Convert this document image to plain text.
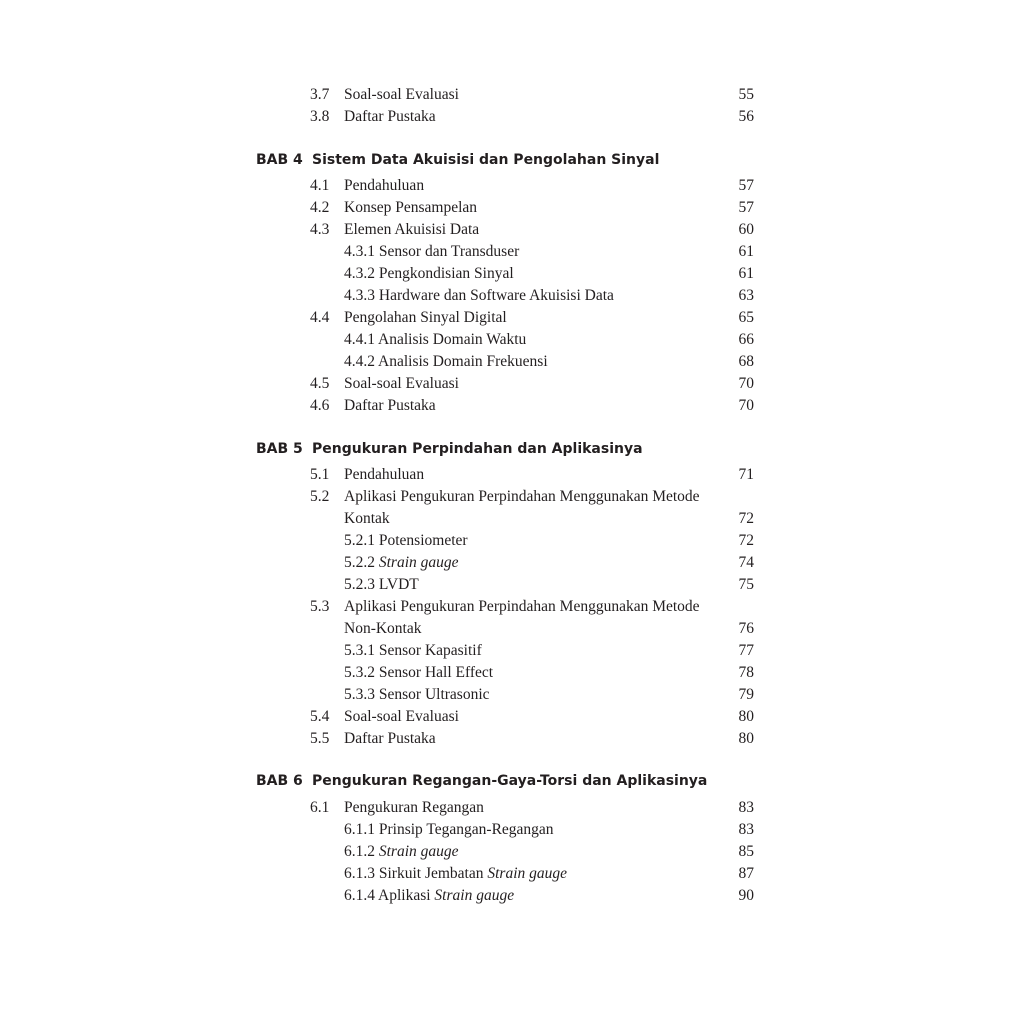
3.7 Soal-soal Evaluasi	55
3.8 Daftar Pustaka	56
BAB 4 Sistem Data Akuisisi dan Pengolahan Sinyal
4.1 Pendahuluan	57
4.2 Konsep Pensampelan	57
4.3 Elemen Akuisisi Data	60
4.3.1 Sensor dan Transduser	61
4.3.2 Pengkondisian Sinyal	61
4.3.3 Hardware dan Software Akuisisi Data	63
4.4 Pengolahan Sinyal Digital	65
4.4.1 Analisis Domain Waktu	66
4.4.2 Analisis Domain Frekuensi	68
4.5 Soal-soal Evaluasi	70
4.6 Daftar Pustaka	70
BAB 5 Pengukuran Perpindahan dan Aplikasinya
5.1 Pendahuluan	71
5.2 Aplikasi Pengukuran Perpindahan Menggunakan Metode
Kontak	72
5.2.1 Potensiometer	72
5.2.2 Strain gauge	74
5.2.3 LVDT	75
5.3 Aplikasi Pengukuran Perpindahan Menggunakan Metode
Non-Kontak	76
5.3.1 Sensor Kapasitif	77
5.3.2 Sensor Hall Effect	78
5.3.3 Sensor Ultrasonic	79
5.4 Soal-soal Evaluasi	80
5.5 Daftar Pustaka	80
BAB 6 Pengukuran Regangan-Gaya-Torsi dan Aplikasinya
6.1 Pengukuran Regangan	83
6.1.1 Prinsip Tegangan-Regangan	83
6.1.2 Strain gauge	85
6.1.3 Sirkuit Jembatan Strain gauge	87
6.1.4 Aplikasi Strain gauge	90
